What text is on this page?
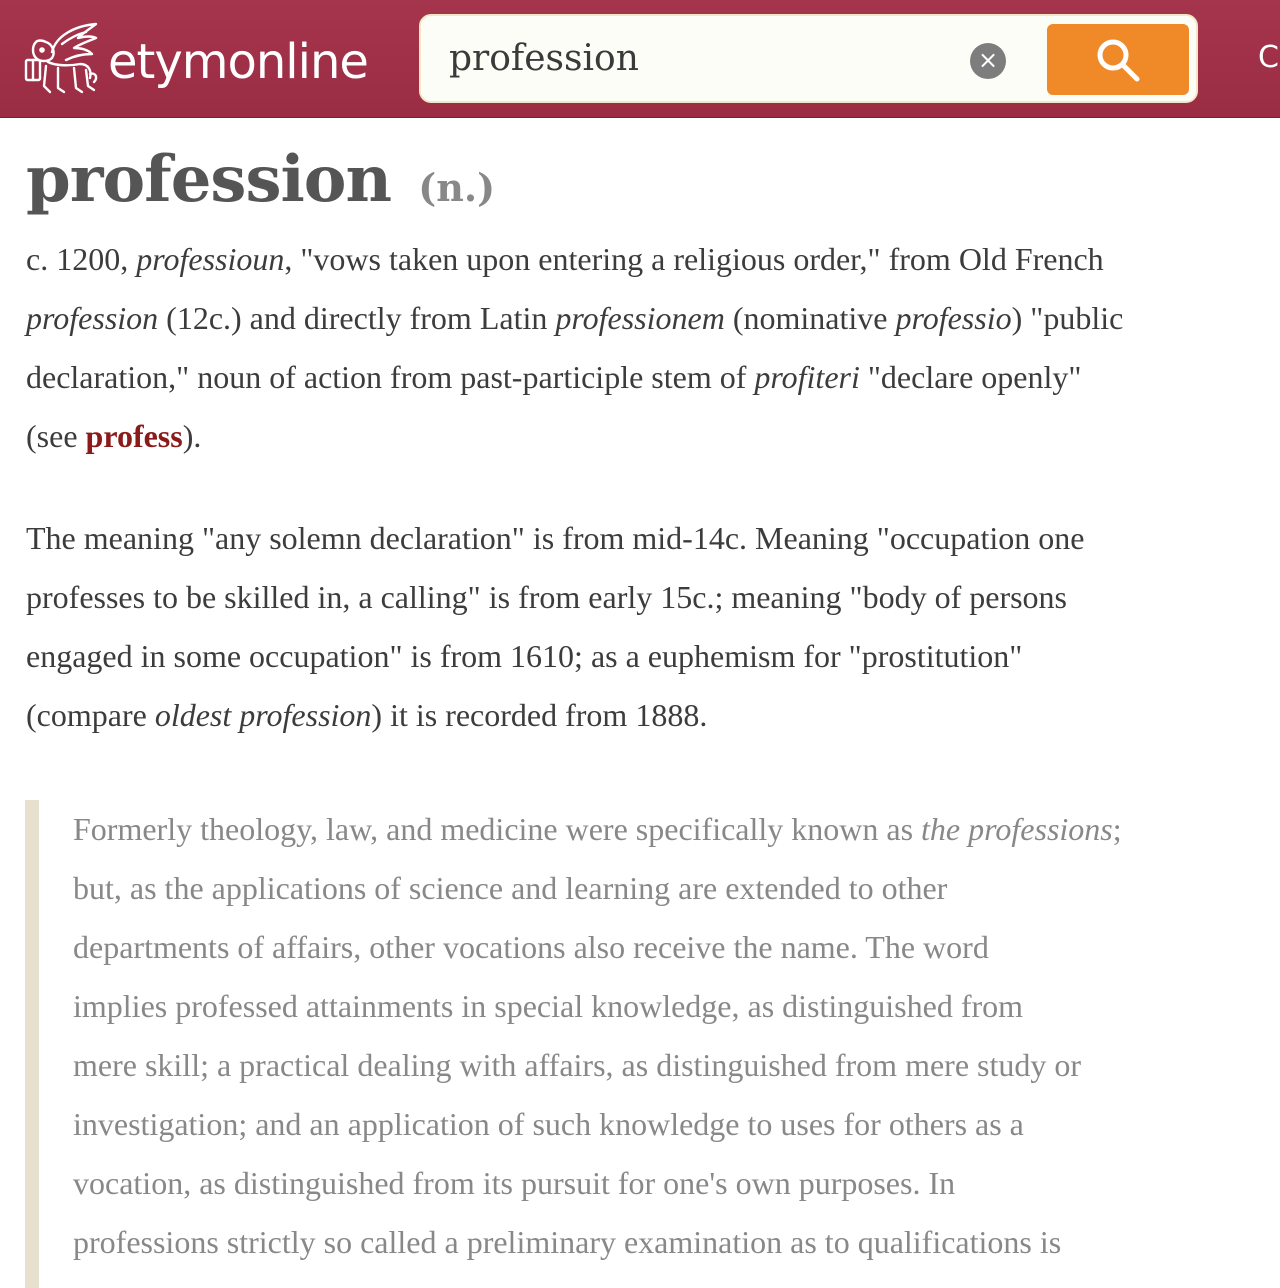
etymonline
profession	×	C
profession (n.)

c. 1200, professioun, "vows taken upon entering a religious order," from Old French
profession (12c.) and directly from Latin professionem (nominative professio) "public
declaration," noun of action from past-participle stem of profiteri "declare openly"
(see profess).

The meaning "any solemn declaration" is from mid-14c. Meaning "occupation one
professes to be skilled in, a calling" is from early 15c.; meaning "body of persons
engaged in some occupation" is from 1610; as a euphemism for "prostitution"
(compare oldest profession) it is recorded from 1888.

Formerly theology, law, and medicine were specifically known as the professions;
but, as the applications of science and learning are extended to other
departments of affairs, other vocations also receive the name. The word
implies professed attainments in special knowledge, as distinguished from
mere skill; a practical dealing with affairs, as distinguished from mere study or
investigation; and an application of such knowledge to uses for others as a
vocation, as distinguished from its pursuit for one's own purposes. In
professions strictly so called a preliminary examination as to qualifications is
